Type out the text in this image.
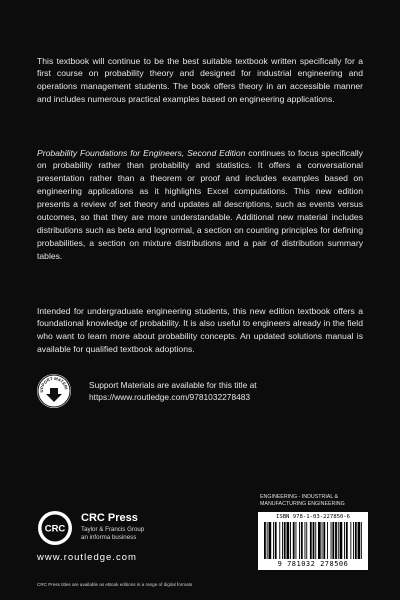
This textbook will continue to be the best suitable textbook written specifically for a first course on probability theory and designed for industrial engineering and operations management students. The book offers theory in an accessible manner and includes numerous practical examples based on engineering applications.

Probability Foundations for Engineers, Second Edition continues to focus specifically on probability rather than probability and statistics. It offers a conversational presentation rather than a theorem or proof and includes examples based on engineering applications as it highlights Excel computations. This new edition presents a review of set theory and updates all descriptions, such as events versus outcomes, so that they are more understandable. Additional new material includes distributions such as beta and lognormal, a section on counting principles for defining probabilities, a section on mixture distributions and a pair of distribution summary tables.

Intended for undergraduate engineering students, this new edition textbook offers a foundational knowledge of probability. It is also useful to engineers already in the field who want to learn more about probability concepts. An updated solutions manual is available for qualified textbook adoptions.

UPPORT MATERI Support Materials are available for this title at
https://www.routledge.com/9781032278483
ENGINEERING - INDUSTRIAL &
MANUFACTURING ENGINEERING
ISBN 978-1-03-227850-6
9 781032 278506
CRC
CRC Press
Taylor & Francis Group
an informa business
www.routledge.com
CRC Press titles are available as eBook editions in a range of digital formats
